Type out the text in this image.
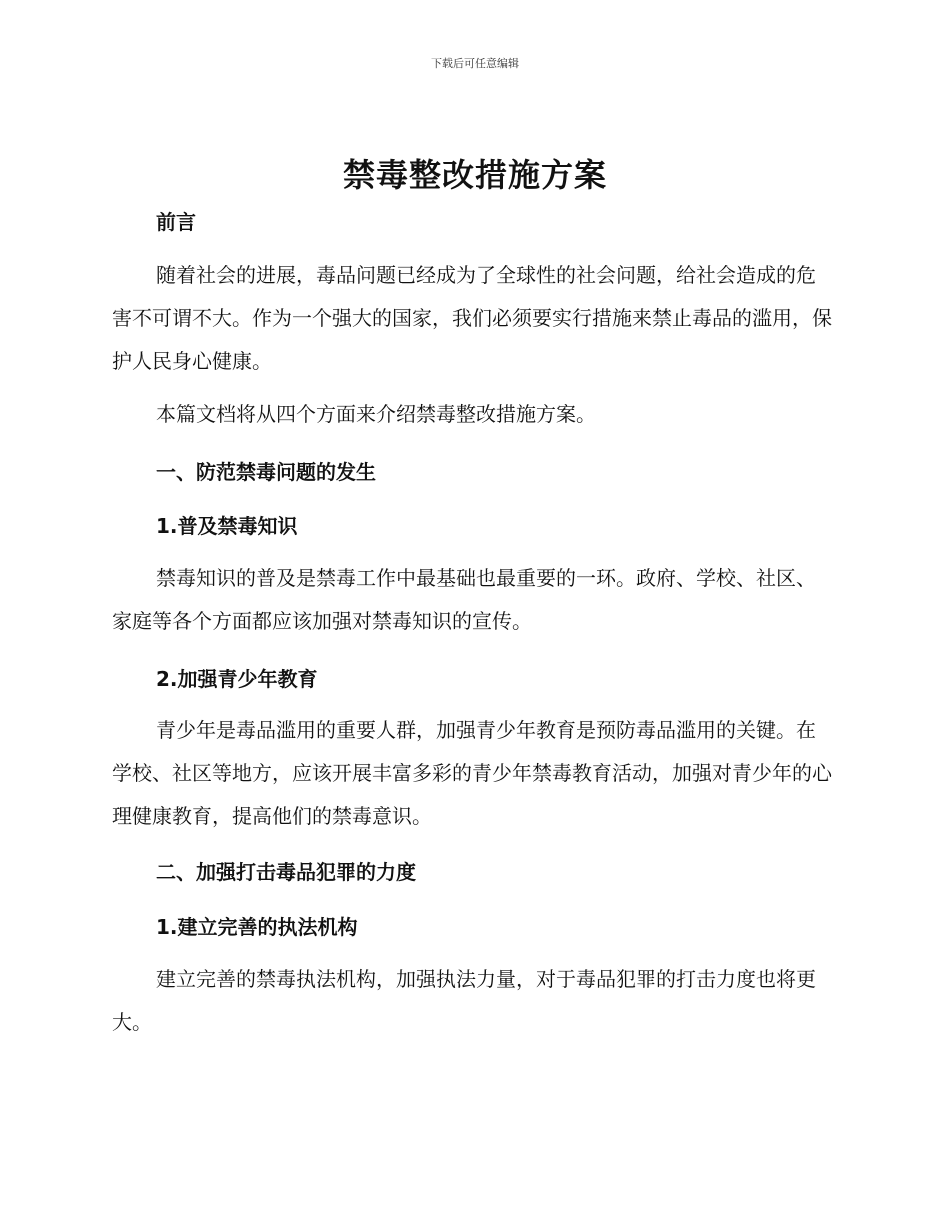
下载后可任意编辑
禁毒整改措施方案
前言

随着社会的进展，毒品问题已经成为了全球性的社会问题，给社会造成的危害不可谓不大。作为一个强大的国家，我们必须要实行措施来禁止毒品的滥用，保护人民身心健康。

本篇文档将从四个方面来介绍禁毒整改措施方案。

一、防范禁毒问题的发生
1.普及禁毒知识

禁毒知识的普及是禁毒工作中最基础也最重要的一环。政府、学校、社区、家庭等各个方面都应该加强对禁毒知识的宣传。

2.加强青少年教育

青少年是毒品滥用的重要人群，加强青少年教育是预防毒品滥用的关键。在学校、社区等地方，应该开展丰富多彩的青少年禁毒教育活动，加强对青少年的心理健康教育，提高他们的禁毒意识。

二、加强打击毒品犯罪的力度
1.建立完善的执法机构

建立完善的禁毒执法机构，加强执法力量，对于毒品犯罪的打击力度也将更大。
